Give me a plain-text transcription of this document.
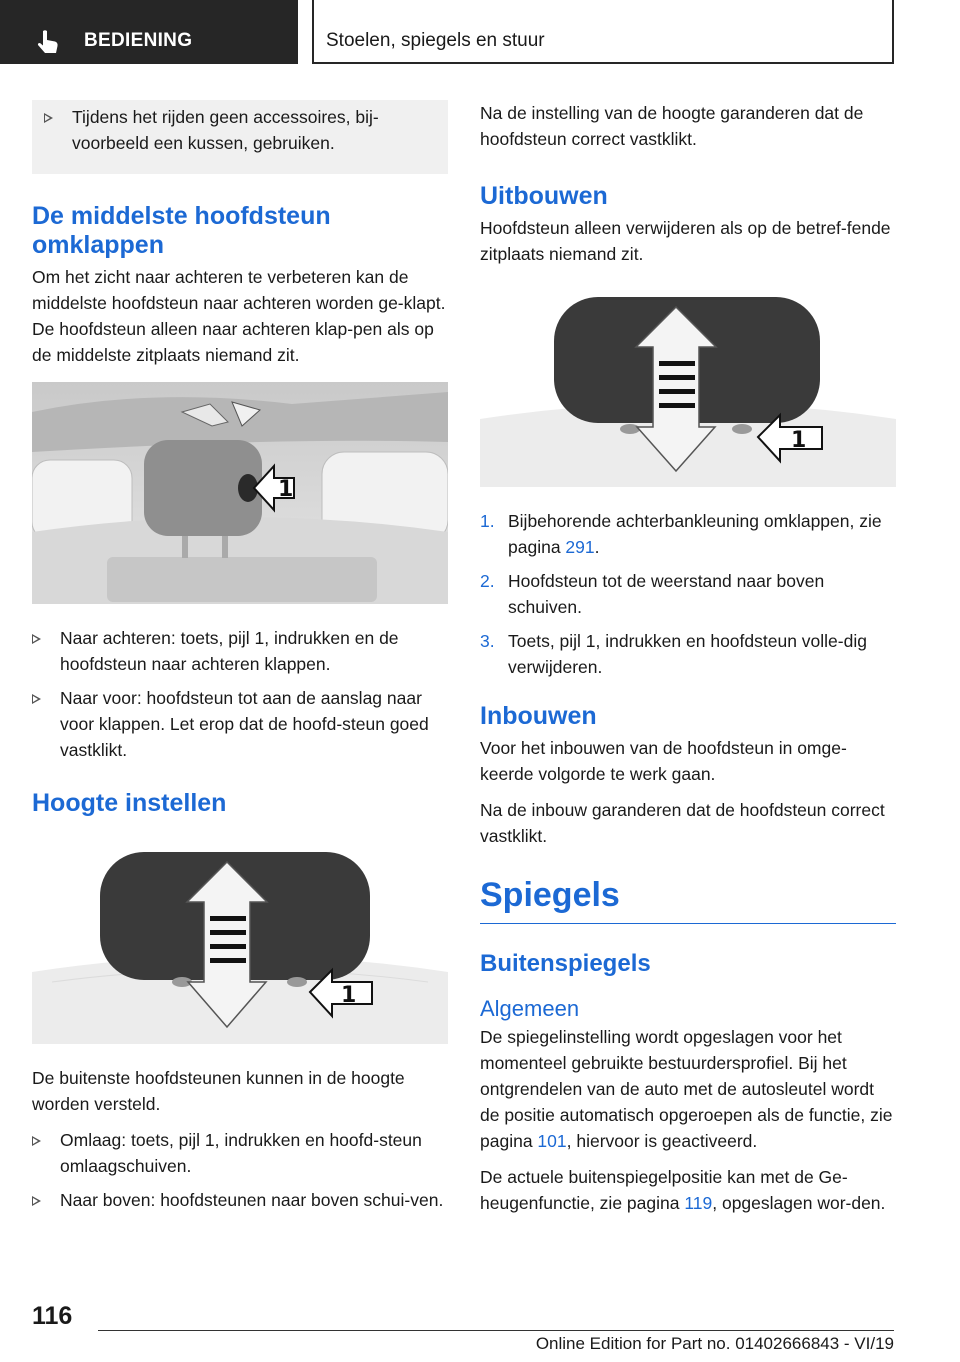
BEDIENING	Stoelen, spiegels en stuur
Tijdens het rijden geen accessoires, bij-voorbeeld een kussen, gebruiken.
De middelste hoofdsteun omklappen

Om het zicht naar achteren te verbeteren kan de middelste hoofdsteun naar achteren worden ge-klapt. De hoofdsteun alleen naar achteren klap-pen als op de middelste zitplaats niemand zit.

1
Naar achteren: toets, pijl 1, indrukken en de hoofdsteun naar achteren klappen.
Naar voor: hoofdsteun tot aan de aanslag naar voor klappen. Let erop dat de hoofd-steun goed vastklikt.
Hoogte instellen
1

De buitenste hoofdsteunen kunnen in de hoogte worden versteld.

Omlaag: toets, pijl 1, indrukken en hoofd-steun omlaagschuiven.
Naar boven: hoofdsteunen naar boven schui-ven.

Na de instelling van de hoogte garanderen dat de hoofdsteun correct vastklikt.

Uitbouwen

Hoofdsteun alleen verwijderen als op de betref-fende zitplaats niemand zit.

1
1. Bijbehorende achterbankleuning omklappen, zie pagina 291.
2. Hoofdsteun tot de weerstand naar boven schuiven.
3. Toets, pijl 1, indrukken en hoofdsteun volle-dig verwijderen.
Inbouwen

Voor het inbouwen van de hoofdsteun in omge-keerde volgorde te werk gaan.

Na de inbouw garanderen dat de hoofdsteun correct vastklikt.

Spiegels
Buitenspiegels
Algemeen

De spiegelinstelling wordt opgeslagen voor het momenteel gebruikte bestuurdersprofiel. Bij het ontgrendelen van de auto met de autosleutel wordt de positie automatisch opgeroepen als de functie, zie pagina 101, hiervoor is geactiveerd.

De actuele buitenspiegelpositie kan met de Ge-heugenfunctie, zie pagina 119, opgeslagen wor-den.

116
Online Edition for Part no. 01402666843 - VI/19
